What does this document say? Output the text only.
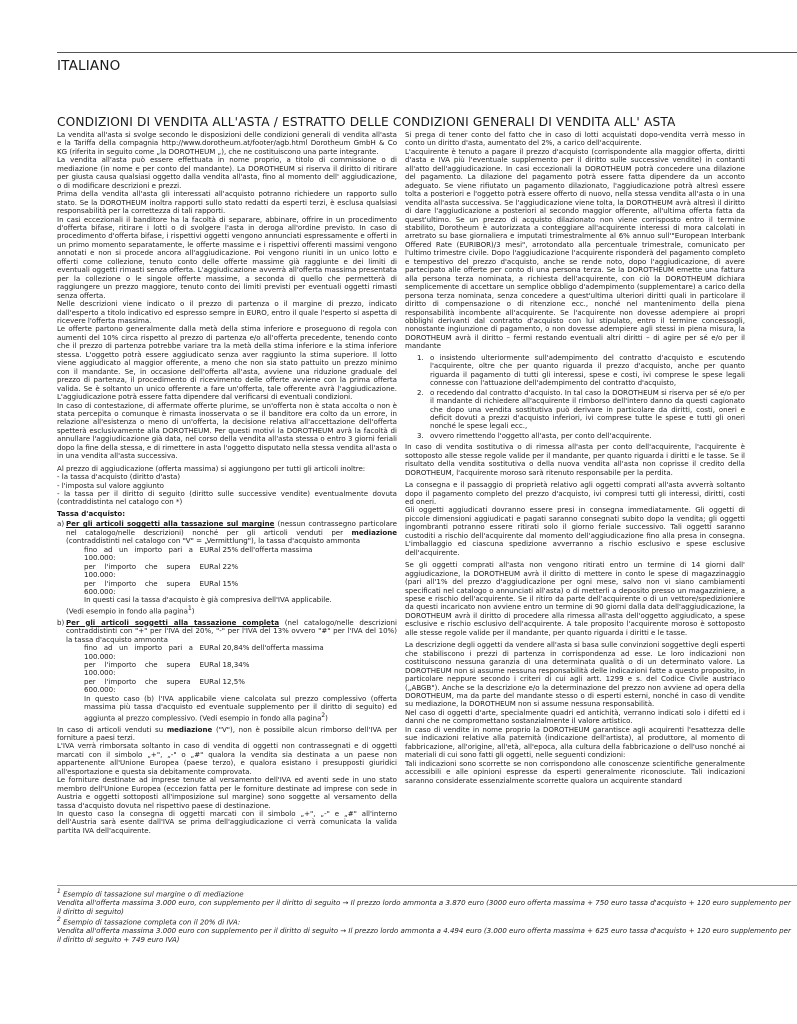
ITALIANO
CONDIZIONI DI VENDITA ALL'ASTA / ESTRATTO DELLE CONDIZIONI GENERALI DI VENDITA ALL' ASTA

La vendita all'asta si svolge secondo le disposizioni delle condizioni generali di vendita all'asta e la Tariffa della compagnia http://www.dorotheum.at/footer/agb.html Dorotheum GmbH & Co KG (riferita in seguito come „la DOROTHEUM „), che ne costituiscono una parte integrante.

La vendita all'asta può essere effettuata in nome proprio, a titolo di commissione o di mediazione (in nome e per conto del mandante). La DOROTHEUM si riserva il diritto di ritirare per giusta causa qualsiasi oggetto dalla vendita all'asta, fino al momento dell' aggiudicazione, o di modificare descrizioni e prezzi.

Prima della vendita all'asta gli interessati all'acquisto potranno richiedere un rapporto sullo stato. Se la DOROTHEUM inoltra rapporti sullo stato redatti da esperti terzi, è esclusa qualsiasi responsabilità per la correttezza di tali rapporti.

In casi eccezionali il banditore ha la facoltà di separare, abbinare, offrire in un procedimento d'offerta bifase, ritirare i lotti o di svolgere l'asta in deroga all'ordine previsto. In caso di procedimento d'offerta bifase, i rispettivi oggetti vengono annunciati espressamente e offerti in un primo momento separatamente, le offerte massime e i rispettivi offerenti massimi vengono annotati e non si procede ancora all'aggiudicazione. Poi vengono riuniti in un unico lotto e offerti come collezione, tenuto conto delle offerte massime già raggiunte e dei limiti di eventuali oggetti rimasti senza offerta. L'aggiudicazione avverrà all'offerta massima presentata per la collezione o le singole offerte massime, a seconda di quello che permetterà di raggiungere un prezzo maggiore, tenuto conto dei limiti previsti per eventuali oggetti rimasti senza offerta.

Nelle descrizioni viene indicato o il prezzo di partenza o il margine di prezzo, indicato dall'esperto a titolo indicativo ed espresso sempre in EURO, entro il quale l'esperto si aspetta di ricevere l'offerta massima.

Le offerte partono generalmente dalla metà della stima inferiore e proseguono di regola con aumenti del 10% circa rispetto al prezzo di partenza e/o all'offerta precedente, tenendo conto che il prezzo di partenza potrebbe variare tra la metà della stima inferiore e la stima inferiore stessa. L'oggetto potrà essere aggiudicato senza aver raggiunto la stima superiore. Il lotto viene aggiudicato al maggior offerente, a meno che non sia stato pattuito un prezzo minimo con il mandante. Se, in occasione dell'offerta all'asta, avviene una riduzione graduale del prezzo di partenza, il procedimento di ricevimento delle offerte avviene con la prima offerta valida. Se è soltanto un unico offerente a fare un'offerta, tale offerente avrà l'aggiudicazione. L'aggiudicazione potrà essere fatta dipendere dal verificarsi di eventuali condizioni.

In caso di contestazione, di affermate offerte plurime, se un'offerta non è stata accolta o non è stata percepita o comunque è rimasta inosservata o se il banditore era colto da un errore, in relazione all'esistenza o meno di un'offerta, la decisione relativa all'accettazione dell'offerta spetterà esclusivamente alla DOROTHEUM. Per questi motivi la DOROTHEUM avrà la facoltà di annullare l'aggiudicazione già data, nel corso della vendita all'asta stessa o entro 3 giorni feriali dopo la fine della stessa, e di rimettere in asta l'oggetto disputato nella stessa vendita all'asta o in una vendita all'asta successiva.

Al prezzo di aggiudicazione (offerta massima) si aggiungono per tutti gli articoli inoltre:

- la tassa d'acquisto (diritto d'asta)
- l'imposta sul valore aggiunto
- la tassa per il diritto di seguito (diritto sulle successive vendite) eventualmente dovuta (contraddistinta nel catalogo con *)
Tassa d'acquisto:
a) Per gli articoli soggetti alla tassazione sul margine (nessun contrassegno particolare nel catalogo/nelle descrizioni) nonché per gli articoli venduti per mediazione (contraddistinti nel catalogo con "V" = „Vermittlung"), la tassa d'acquisto ammonta
fino ad un importo pari a EUR 100.000:
al 25% dell'offerta massima
per l'importo che supera EUR 100.000:
al 22%
per l'importo che supera EUR 600.000:
al 15%
In questi casi la tassa d'acquisto è già compresiva dell'IVA applicabile.
(Vedi esempio in fondo alla pagina$^1$)
b) Per gli articoli soggetti alla tassazione completa (nel catalogo/nelle descrizioni contraddistinti con "+" per l'IVA del 20%, "-" per l'IVA del 13% ovvero "#" per l'IVA del 10%) la tassa d'acquisto ammonta
fino ad un importo pari a EUR 100.000:
al 20,84% dell'offerta massima
per l'importo che supera EUR 100.000:
al 18,34%
per l'importo che supera EUR 600.000:
al 12,5%
In questo caso (b) l'IVA applicabile viene calcolata sul prezzo complessivo (offerta massima più tassa d'acquisto ed eventuale supplemento per il diritto di seguito) ed aggiunta al prezzo complessivo. (Vedi esempio in fondo alla pagina$^2$)

In caso di articoli venduti su mediazione ("V"), non è possibile alcun rimborso dell'IVA per forniture a paesi terzi.

L'IVA verrà rimborsata soltanto in caso di vendita di oggetti non contrassegnati e di oggetti marcati con il simbolo „+", „-" o „#" qualora la vendita sia destinata a un paese non appartenente all'Unione Europea (paese terzo), e qualora esistano i presupposti giuridici all'esportazione e questa sia debitamente comprovata.

Le forniture destinate ad imprese tenute al versamento dell'IVA ed aventi sede in uno stato membro dell'Unione Europea (eccezion fatta per le forniture destinate ad imprese con sede in Austria e oggetti sottoposti all'imposizione sul margine) sono soggette al versamento della tassa d'acquisto dovuta nel rispettivo paese di destinazione.

In questo caso la consegna di oggetti marcati con il simbolo „+", „-" e „#" all'interno dell'Austria sarà esente dall'IVA se prima dell'aggiudicazione ci verrà comunicata la valida partita IVA dell'acquirente.

Si prega di tener conto del fatto che in caso di lotti acquistati dopo-vendita verrà messo in conto un diritto d'asta, aumentato del 2%, a carico dell'acquirente.

L'acquirente è tenuto a pagare il prezzo d'acquisto (corrispondente alla maggior offerta, diritti d'asta e IVA più l'eventuale supplemento per il diritto sulle successive vendite) in contanti all'atto dell'aggiudicazione. In casi eccezionali la DOROTHEUM potrà concedere una dilazione del pagamento. La dilazione del pagamento potrà essere fatta dipendere da un acconto adeguato. Se viene rifiutato un pagamento dilazionato, l'aggiudicazione potrà altresì essere tolta a posteriori e l'oggetto potrà essere offerto di nuovo, nella stessa vendita all'asta o in una vendita all'asta successiva. Se l'aggiudicazione viene tolta, la DOROTHEUM avrà altresì il diritto di dare l'aggiudicazione a posteriori al secondo maggior offerente, all'ultima offerta fatta da quest'ultimo. Se un prezzo di acquisto dilazionato non viene corrisposto entro il termine stabilito, Dorotheum è autorizzata a conteggiare all'acquirente interessi di mora calcolati in arretrato su base giornaliera e imputati trimestralmente al 6% annuo sull'"European Interbank Offered Rate (EURIBOR)/3 mesi", arrotondato alla percentuale trimestrale, comunicato per l'ultimo trimestre civile. Dopo l'aggiudicazione l'acquirente risponderà del pagamento completo e tempestivo del prezzo d'acquisto, anche se rende noto, dopo l'aggiudicazione, di avere partecipato alle offerte per conto di una persona terza. Se la DOROTHEUM emette una fattura alla persona terza nominata, a richiesta dell'acquirente, con ciò la DOROTHEUM dichiara semplicemente di accettare un semplice obbligo d'adempimento (supplementare) a carico della persona terza nominata, senza concedere a quest'ultima ulteriori diritti quali in particolare il diritto di compensazione o di ritenzione ecc., nonché nel mantenimento della piena responsabilità incombente all'acquirente. Se l'acquirente non dovesse adempiere ai propri obblighi derivanti dal contratto d'acquisto con lui stipulato, entro il termine concessogli, nonostante ingiunzione di pagamento, o non dovesse adempiere agli stessi in piena misura, la DOROTHEUM avrà il diritto – fermi restando eventuali altri diritti – di agire per sé e/o per il mandante

1. o insistendo ulteriormente sull'adempimento del contratto d'acquisto e escutendo l'acquirente, oltre che per quanto riguarda il prezzo d'acquisto, anche per quanto riguarda il pagamento di tutti gli interessi, spese e costi, ivi comprese le spese legali connesse con l'attuazione dell'adempimento del contratto d'acquisto,
2. o recedendo dal contratto d'acquisto. In tal caso la DOROTHEUM si riserva per sé e/o per il mandante di richiedere all'acquirente il rimborso dell'intero danno da questi cagionato che dopo una vendita sostitutiva può derivare in particolare da diritti, costi, oneri e deficit dovuti a prezzi d'acquisto inferiori, ivi comprese tutte le spese e tutti gli oneri nonché le spese legali ecc.,
3. ovvero rimettendo l'oggetto all'asta, per conto dell'acquirente.

In caso di vendita sostitutiva o di rimessa all'asta per conto dell'acquirente, l'acquirente è sottoposto alle stesse regole valide per il mandante, per quanto riguarda i diritti e le tasse. Se il risultato della vendita sostitutiva o della nuova vendita all'asta non coprisse il credito della DOROTHEUM, l'acquirente moroso sarà ritenuto responsabile per la perdita.

La consegna e il passaggio di proprietà relativo agli oggetti comprati all'asta avverrà soltanto dopo il pagamento completo del prezzo d'acquisto, ivi compresi tutti gli interessi, diritti, costi ed oneri.

Gli oggetti aggiudicati dovranno essere presi in consegna immediatamente. Gli oggetti di piccole dimensioni aggiudicati e pagati saranno consegnati subito dopo la vendita; gli oggetti ingombranti potranno essere ritirati solo il giorno feriale successivo. Tali oggetti saranno custoditi a rischio dell'acquirente dal momento dell'aggiudicazione fino alla presa in consegna. L'imballaggio ed ciascuna spedizione avverranno a rischio esclusivo e spese esclusive dell'acquirente.

Se gli oggetti comprati all'asta non vengono ritirati entro un termine di 14 giorni dall' aggiudicazione, la DOROTHEUM avrà il diritto di mettere in conto le spese di magazzinaggio (pari all'1% del prezzo d'aggiudicazione per ogni mese, salvo non vi siano cambiamenti specificati nel catalogo o annunciati all'asta) o di metterli a deposito presso un magazziniere, a spese e rischio dell'acquirente. Se il ritiro da parte dell'acquirente o di un vettore/spedizioniere da questi incaricato non avviene entro un termine di 90 giorni dalla data dell'aggiudicazione, la DOROTHEUM avrà il diritto di procedere alla rimessa all'asta dell'oggetto aggiudicato, a spese esclusive e rischio esclusivo dell'acquirente. A tale proposito l'acquirente moroso è sottoposto alle stesse regole valide per il mandante, per quanto riguarda i diritti e le tasse.

La descrizione degli oggetti da vendere all'asta si basa sulle convinzioni soggettive degli esperti che stabiliscono i prezzi di partenza in corrispondenza ad esse. Le loro indicazioni non costituiscono nessuna garanzia di una determinata qualità o di un determinato valore. La DOROTHEUM non si assume nessuna responsabilità delle indicazioni fatte a questo proposito, in particolare neppure secondo i criteri di cui agli artt. 1299 e s. del Codice Civile austriaco („ABGB"). Anche se la descrizione e/o la determinazione del prezzo non avviene ad opera della DOROTHEUM, ma da parte del mandante stesso o di esperti esterni, nonché in caso di vendite su mediazione, la DOROTHEUM non si assume nessuna responsabilità.

Nel caso di oggetti d'arte, specialmente quadri ed antichità, verranno indicati solo i difetti ed i danni che ne compromettano sostanzialmente il valore artistico.

In caso di vendite in nome proprio la DOROTHEUM garantisce agli acquirenti l'esattezza delle sue indicazioni relative alla paternità (indicazione dell'artista), al produttore, al momento di fabbricazione, all'origine, all'età, all'epoca, alla cultura della fabbricazione o dell'uso nonché ai materiali di cui sono fatti gli oggetti, nelle seguenti condizioni:

Tali indicazioni sono scorrette se non corrispondono alle conoscenze scientifiche generalmente accessibili e alle opinioni espresse da esperti generalmente riconosciute. Tali indicazioni saranno considerate essenzialmente scorrette qualora un acquirente standard

$^1$ Esempio di tassazione sul margine o di mediazione

Vendita all'offerta massima 3.000 euro, con supplemento per il diritto di seguito → Il prezzo lordo ammonta a 3.870 euro (3000 euro offerta massima + 750 euro tassa d'acquisto + 120 euro supplemento per il diritto di seguito)

$^2$ Esempio di tassazione completa con il 20% di IVA:

Vendita all'offerta massima 3.000 euro con supplemento per il diritto di seguito → Il prezzo lordo ammonta a 4.494 euro (3.000 euro offerta massima + 625 euro tassa d'acquisto + 120 euro supplemento per il diritto di seguito + 749 euro IVA)
